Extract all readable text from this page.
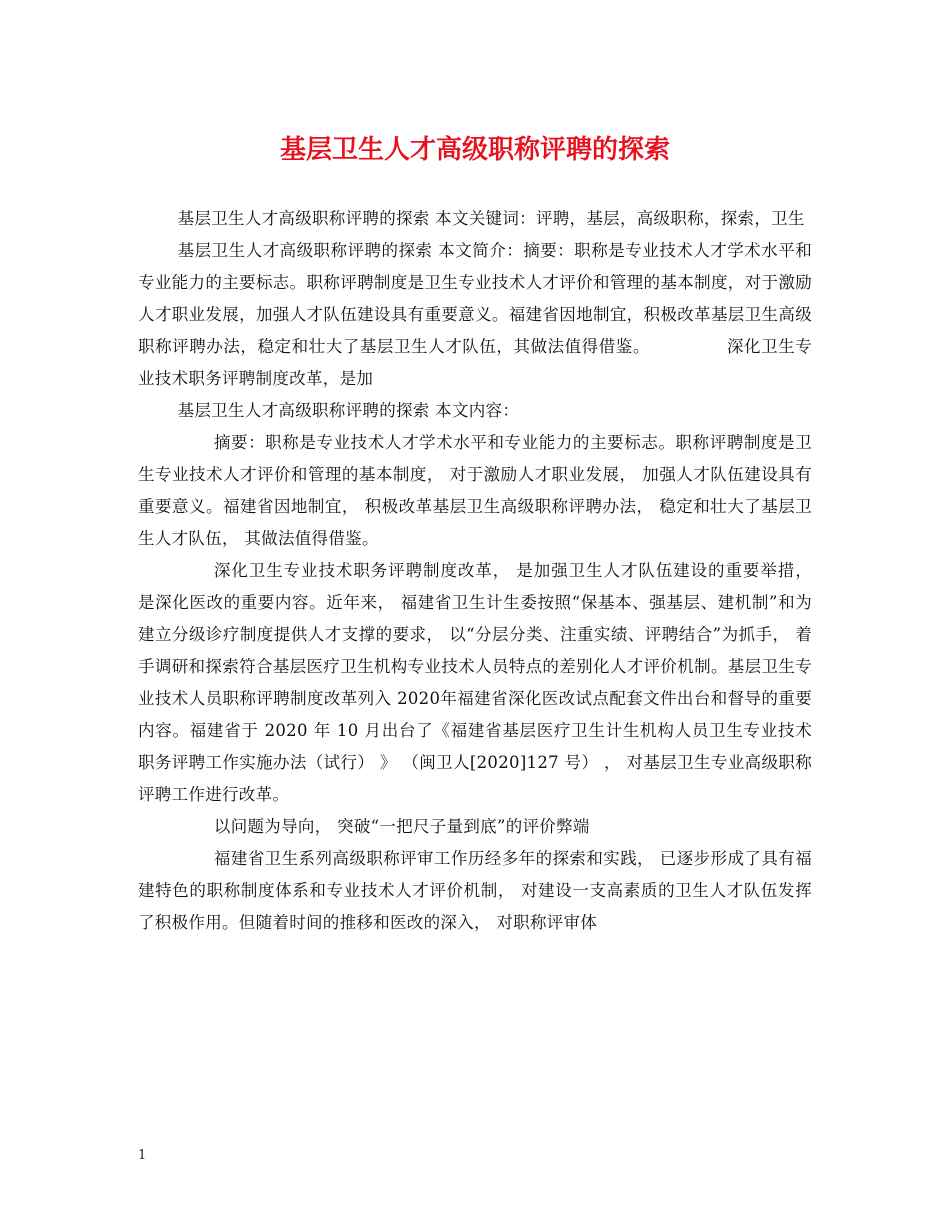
基层卫生人才高级职称评聘的探索

基层卫生人才高级职称评聘的探索 本文关键词：评聘，基层，高级职称，探索，卫生

基层卫生人才高级职称评聘的探索 本文简介：摘要：职称是专业技术人才学术水平和专业能力的主要标志。职称评聘制度是卫生专业技术人才评价和管理的基本制度，对于激励人才职业发展，加强人才队伍建设具有重要意义。福建省因地制宜，积极改革基层卫生高级职称评聘办法，稳定和壮大了基层卫生人才队伍，其做法值得借鉴。　　　　　深化卫生专业技术职务评聘制度改革，是加

基层卫生人才高级职称评聘的探索 本文内容：

摘要：职称是专业技术人才学术水平和专业能力的主要标志。职称评聘制度是卫生专业技术人才评价和管理的基本制度， 对于激励人才职业发展， 加强人才队伍建设具有重要意义。福建省因地制宜， 积极改革基层卫生高级职称评聘办法， 稳定和壮大了基层卫生人才队伍， 其做法值得借鉴。

深化卫生专业技术职务评聘制度改革， 是加强卫生人才队伍建设的重要举措， 是深化医改的重要内容。近年来， 福建省卫生计生委按照“保基本、强基层、建机制”和为建立分级诊疗制度提供人才支撑的要求， 以“分层分类、注重实绩、评聘结合”为抓手， 着手调研和探索符合基层医疗卫生机构专业技术人员特点的差别化人才评价机制。基层卫生专业技术人员职称评聘制度改革列入 2020年福建省深化医改试点配套文件出台和督导的重要内容。福建省于 2020 年 10 月出台了《福建省基层医疗卫生计生机构人员卫生专业技术职务评聘工作实施办法（试行） 》 （闽卫人[2020]127 号） ， 对基层卫生专业高级职称评聘工作进行改革。

以问题为导向， 突破“一把尺子量到底”的评价弊端

福建省卫生系列高级职称评审工作历经多年的探索和实践， 已逐步形成了具有福建特色的职称制度体系和专业技术人才评价机制， 对建设一支高素质的卫生人才队伍发挥了积极作用。但随着时间的推移和医改的深入， 对职称评审体

1
